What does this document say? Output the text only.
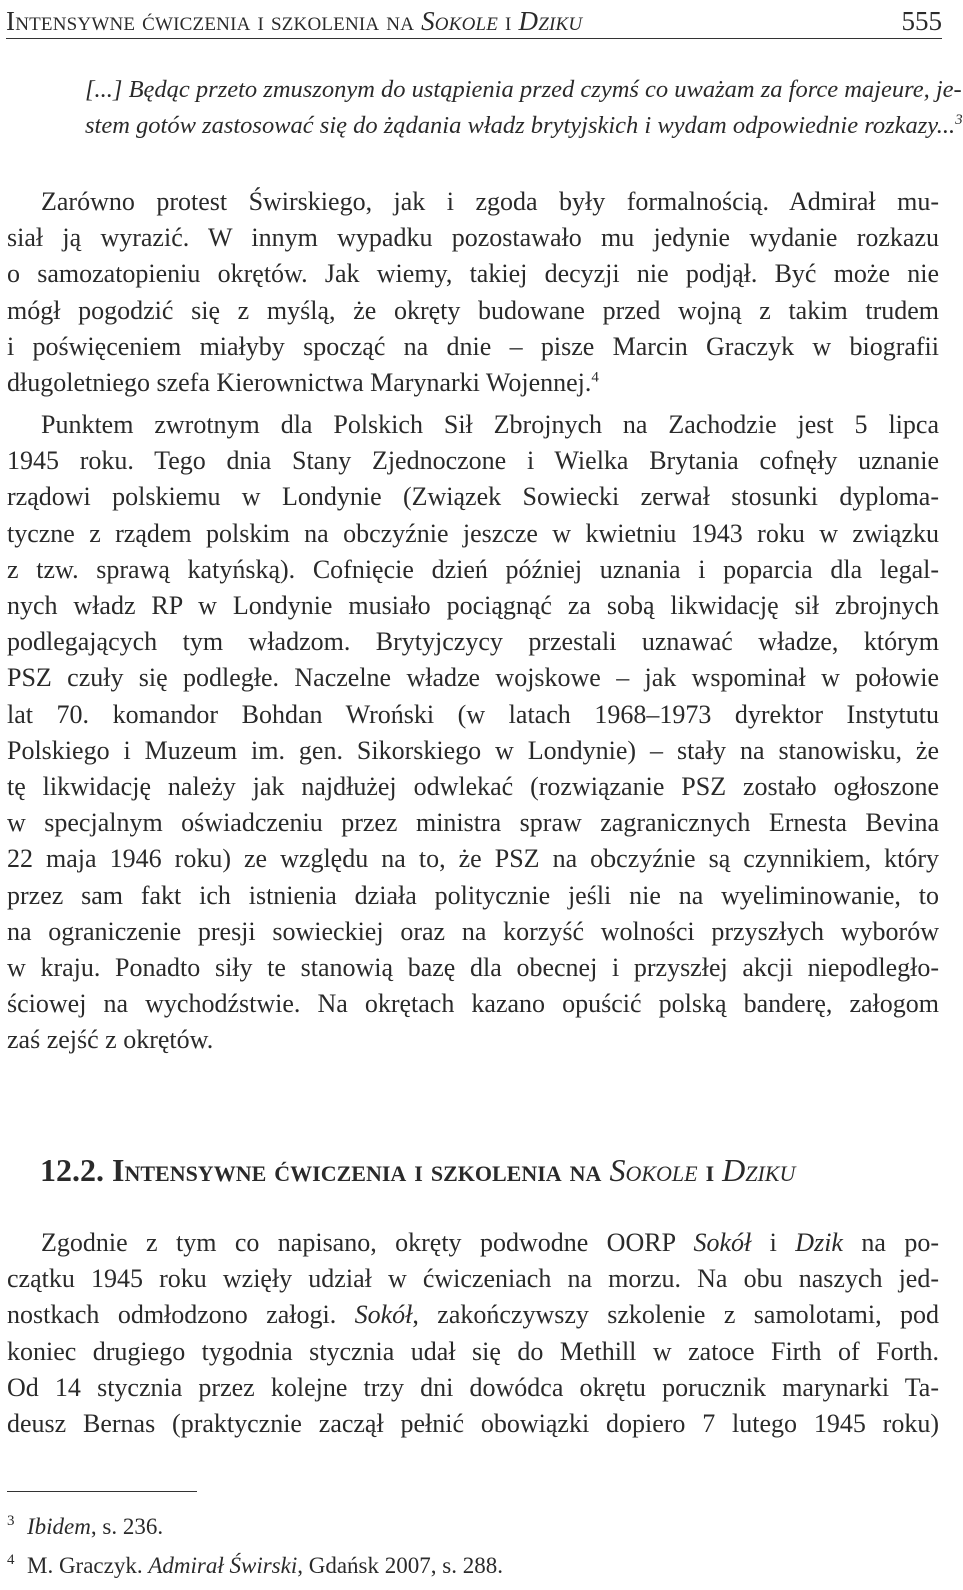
Intensywne ćwiczenia i szkolenia na Sokole i Dziku	555
[...] Będąc przeto zmuszonym do ustąpienia przed czymś co uważam za force majeure, je-
stem gotów zastosować się do żądania władz brytyjskich i wydam odpowiednie rozkazy...$^3$
Zarówno protest Świrskiego, jak i zgoda były formalnością. Admirał mu-
siał ją wyrazić. W innym wypadku pozostawało mu jedynie wydanie rozkazu
o samozatopieniu okrętów. Jak wiemy, takiej decyzji nie podjął. Być może nie
mógł pogodzić się z myślą, że okręty budowane przed wojną z takim trudem
i poświęceniem miałyby spocząć na dnie – pisze Marcin Graczyk w biografii
długoletniego szefa Kierownictwa Marynarki Wojennej.$^4$
Punktem zwrotnym dla Polskich Sił Zbrojnych na Zachodzie jest 5 lipca
1945 roku. Tego dnia Stany Zjednoczone i Wielka Brytania cofnęły uznanie
rządowi polskiemu w Londynie (Związek Sowiecki zerwał stosunki dyploma-
tyczne z rządem polskim na obczyźnie jeszcze w kwietniu 1943 roku w związku
z tzw. sprawą katyńską). Cofnięcie dzień później uznania i poparcia dla legal-
nych władz RP w Londynie musiało pociągnąć za sobą likwidację sił zbrojnych
podlegających tym władzom. Brytyjczycy przestali uznawać władze, którym
PSZ czuły się podległe. Naczelne władze wojskowe – jak wspominał w połowie
lat 70. komandor Bohdan Wroński (w latach 1968–1973 dyrektor Instytutu
Polskiego i Muzeum im. gen. Sikorskiego w Londynie) – stały na stanowisku, że
tę likwidację należy jak najdłużej odwlekać (rozwiązanie PSZ zostało ogłoszone
w specjalnym oświadczeniu przez ministra spraw zagranicznych Ernesta Bevina
22 maja 1946 roku) ze względu na to, że PSZ na obczyźnie są czynnikiem, który
przez sam fakt ich istnienia działa politycznie jeśli nie na wyeliminowanie, to
na ograniczenie presji sowieckiej oraz na korzyść wolności przyszłych wyborów
w kraju. Ponadto siły te stanowią bazę dla obecnej i przyszłej akcji niepodległo-
ściowej na wychodźstwie. Na okrętach kazano opuścić polską banderę, załogom
zaś zejść z okrętów.
12.2. Intensywne ćwiczenia i szkolenia na Sokole i Dziku
Zgodnie z tym co napisano, okręty podwodne OORP Sokół i Dzik na po-
czątku 1945 roku wzięły udział w ćwiczeniach na morzu. Na obu naszych jed-
nostkach odmłodzono załogi. Sokół, zakończywszy szkolenie z samolotami, pod
koniec drugiego tygodnia stycznia udał się do Methill w zatoce Firth of Forth.
Od 14 stycznia przez kolejne trzy dni dowódca okrętu porucznik marynarki Ta-
deusz Bernas (praktycznie zaczął pełnić obowiązki dopiero 7 lutego 1945 roku)
3 Ibidem, s. 236.
4 M. Graczyk. Admirał Świrski, Gdańsk 2007, s. 288.
